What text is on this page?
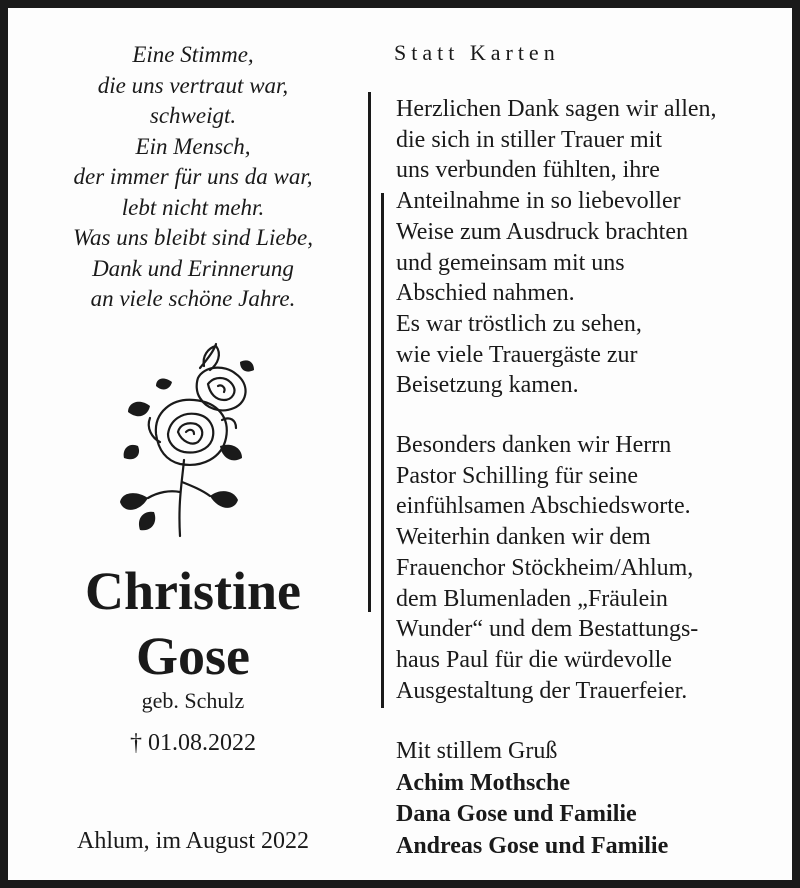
Eine Stimme,
die uns vertraut war,
schweigt.
Ein Mensch,
der immer für uns da war,
lebt nicht mehr.
Was uns bleibt sind Liebe,
Dank und Erinnerung
an viele schöne Jahre.
Christine
Gose
geb. Schulz
† 01.08.2022
Ahlum, im August 2022
Statt Karten
Herzlichen Dank sagen wir allen,
die sich in stiller Trauer mit
uns verbunden fühlten, ihre
Anteilnahme in so liebevoller
Weise zum Ausdruck brachten
und gemeinsam mit uns
Abschied nahmen.
Es war tröstlich zu sehen,
wie viele Trauergäste zur
Beisetzung kamen.
Besonders danken wir Herrn
Pastor Schilling für seine
einfühlsamen Abschiedsworte.
Weiterhin danken wir dem
Frauenchor Stöckheim/Ahlum,
dem Blumenladen „Fräulein
Wunder“ und dem Bestattungs-
haus Paul für die würdevolle
Ausgestaltung der Trauerfeier.
Mit stillem Gruß
Achim Mothsche
Dana Gose und Familie
Andreas Gose und Familie
